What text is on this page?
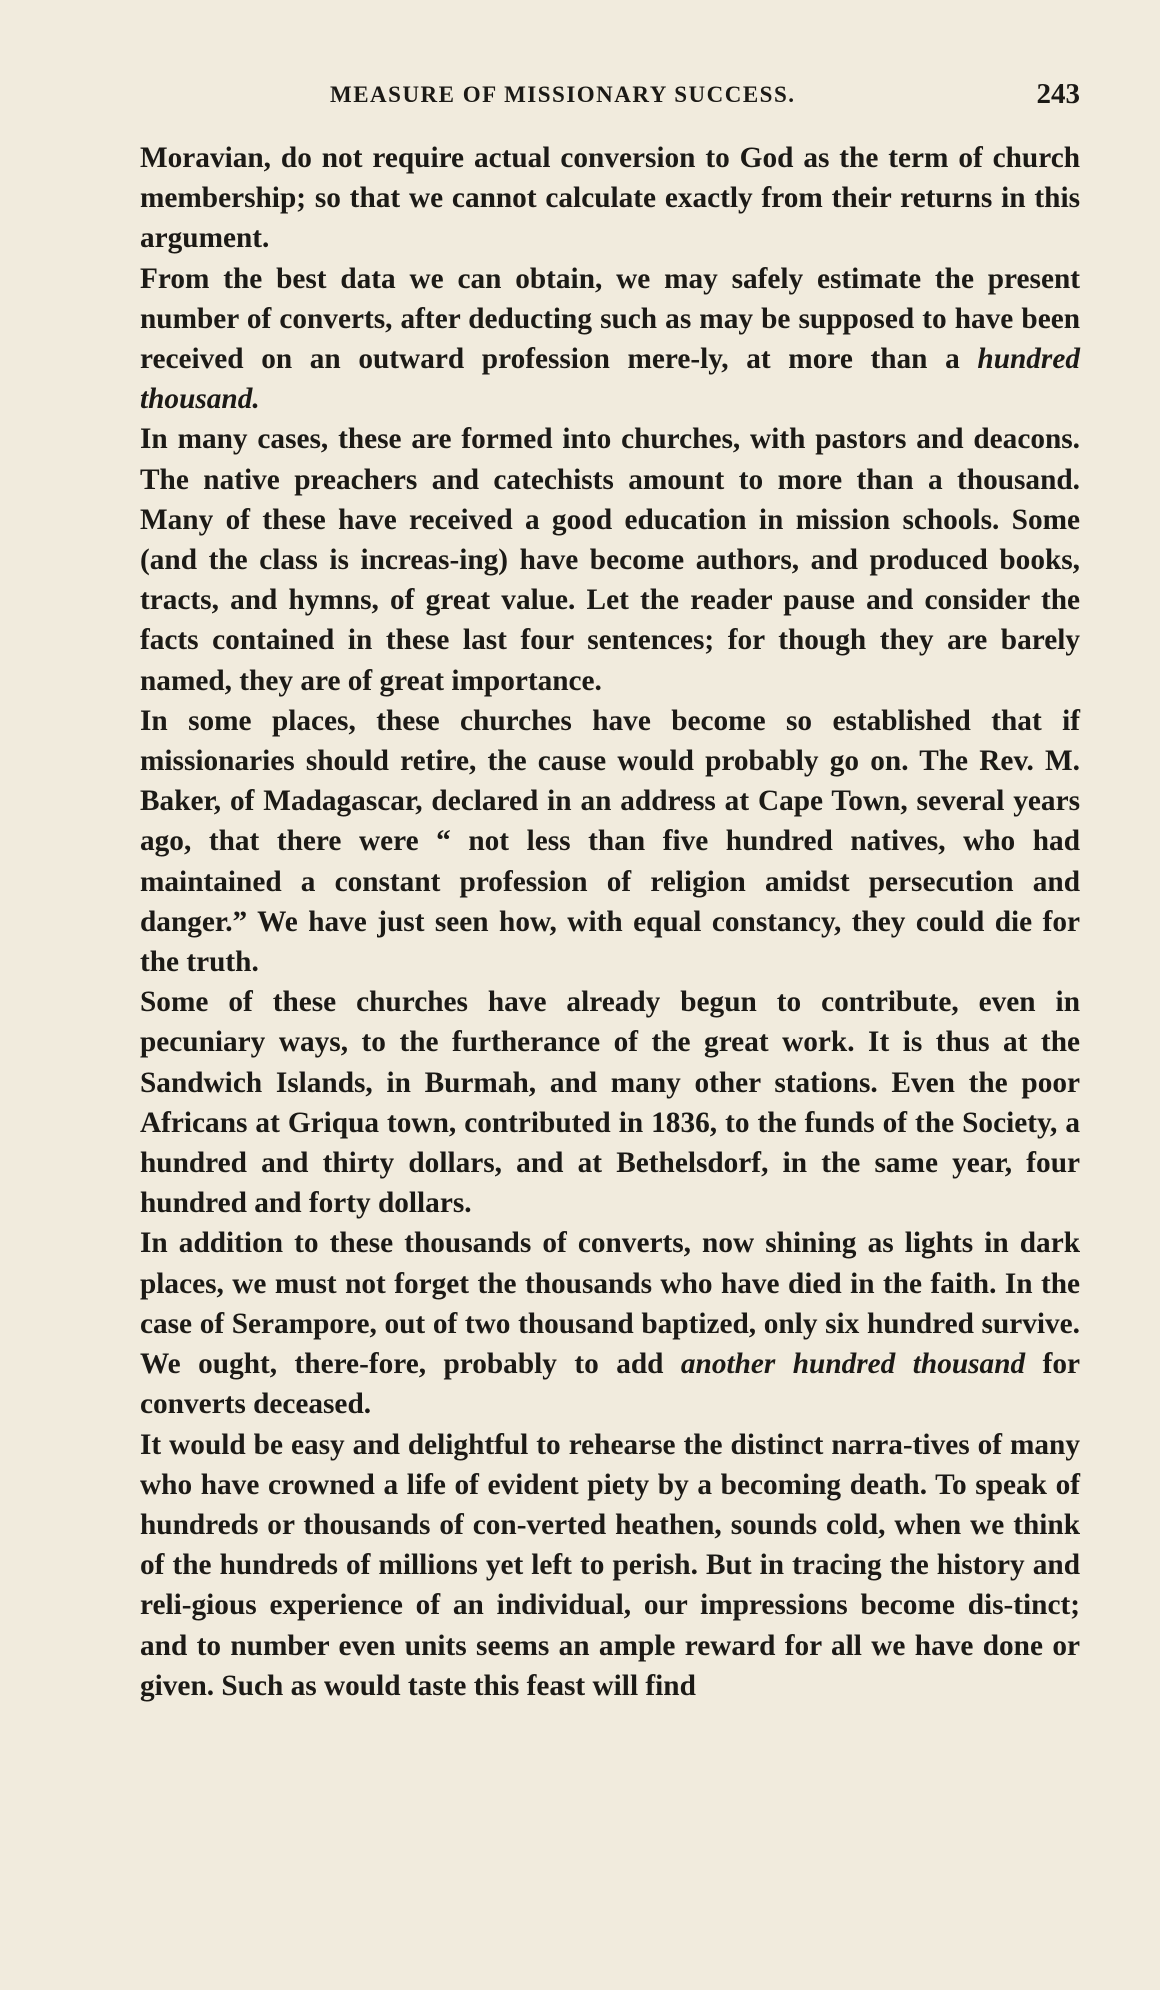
MEASURE OF MISSIONARY SUCCESS.	243

Moravian, do not require actual conversion to God as the term of church membership; so that we cannot calculate exactly from their returns in this argument.

From the best data we can obtain, we may safely estimate the present number of converts, after deducting such as may be supposed to have been received on an outward profession mere-ly, at more than a hundred thousand.

In many cases, these are formed into churches, with pastors and deacons. The native preachers and catechists amount to more than a thousand. Many of these have received a good education in mission schools. Some (and the class is increas-ing) have become authors, and produced books, tracts, and hymns, of great value. Let the reader pause and consider the facts contained in these last four sentences; for though they are barely named, they are of great importance.

In some places, these churches have become so established that if missionaries should retire, the cause would probably go on. The Rev. M. Baker, of Madagascar, declared in an address at Cape Town, several years ago, that there were “ not less than five hundred natives, who had maintained a constant profession of religion amidst persecution and danger.” We have just seen how, with equal constancy, they could die for the truth.

Some of these churches have already begun to contribute, even in pecuniary ways, to the furtherance of the great work. It is thus at the Sandwich Islands, in Burmah, and many other stations. Even the poor Africans at Griqua town, contributed in 1836, to the funds of the Society, a hundred and thirty dollars, and at Bethelsdorf, in the same year, four hundred and forty dollars.

In addition to these thousands of converts, now shining as lights in dark places, we must not forget the thousands who have died in the faith. In the case of Serampore, out of two thousand baptized, only six hundred survive. We ought, there-fore, probably to add another hundred thousand for converts deceased.

It would be easy and delightful to rehearse the distinct narra-tives of many who have crowned a life of evident piety by a becoming death. To speak of hundreds or thousands of con-verted heathen, sounds cold, when we think of the hundreds of millions yet left to perish. But in tracing the history and reli-gious experience of an individual, our impressions become dis-tinct; and to number even units seems an ample reward for all we have done or given. Such as would taste this feast will find
